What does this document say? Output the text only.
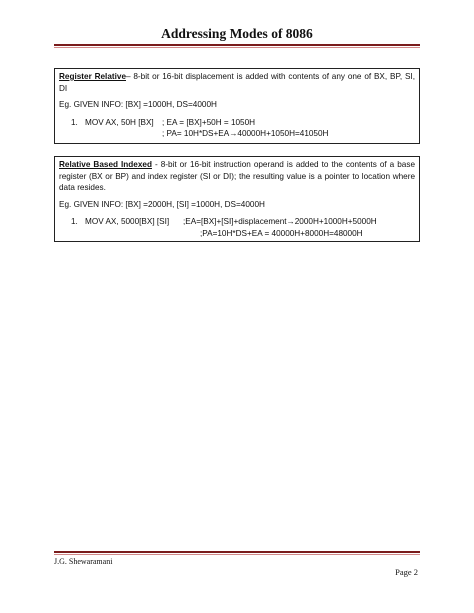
Addressing Modes of 8086
Register Relative– 8-bit or 16-bit displacement is added with contents of any one of BX, BP, SI, DI
Eg. GIVEN INFO: [BX] =1000H, DS=4000H
1. MOV AX, 50H [BX] ; EA = [BX]+50H = 1050H
; PA= 10H*DS+EA→40000H+1050H=41050H
Relative Based Indexed - 8-bit or 16-bit instruction operand is added to the contents of a base register (BX or BP) and index register (SI or DI); the resulting value is a pointer to location where data resides.
Eg. GIVEN INFO: [BX] =2000H, [SI] =1000H, DS=4000H
1. MOV AX, 5000[BX] [SI] ;EA=[BX]+[SI]+displacement→2000H+1000H+5000H
;PA=10H*DS+EA = 40000H+8000H=48000H
J.G. Shewaramani
Page 2
